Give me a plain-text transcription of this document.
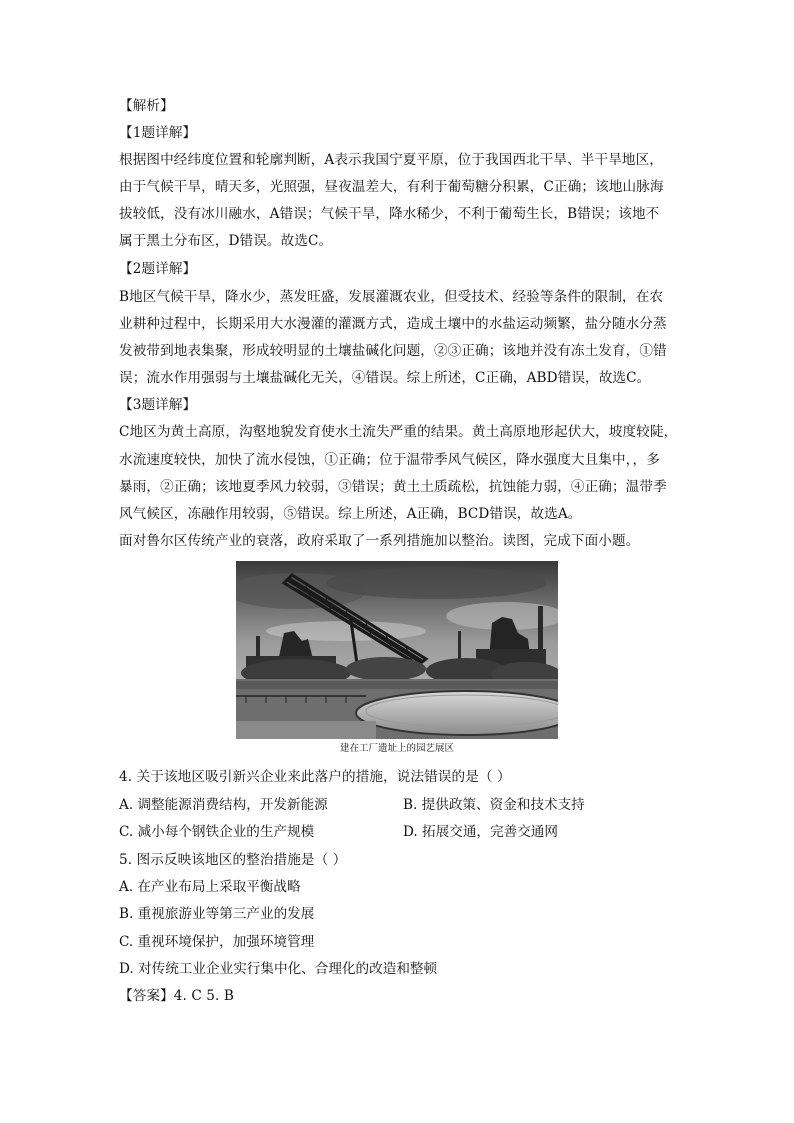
【解析】
【1题详解】
根据图中经纬度位置和轮廓判断，A表示我国宁夏平原，位于我国西北干旱、半干旱地区，
由于气候干旱，晴天多，光照强，昼夜温差大，有利于葡萄糖分积累，C正确；该地山脉海
拔较低，没有冰川融水，A错误；气候干旱，降水稀少，不利于葡萄生长，B错误；该地不
属于黑土分布区，D错误。故选C。
【2题详解】
B地区气候干旱，降水少，蒸发旺盛，发展灌溉农业，但受技术、经验等条件的限制，在农
业耕种过程中，长期采用大水漫灌的灌溉方式，造成土壤中的水盐运动频繁，盐分随水分蒸
发被带到地表集聚，形成较明显的土壤盐碱化问题，②③正确；该地并没有冻土发育，①错
误；流水作用强弱与土壤盐碱化无关，④错误。综上所述，C正确，ABD错误，故选C。
【3题详解】
C地区为黄土高原，沟壑地貌发育使水土流失严重的结果。黄土高原地形起伏大，坡度较陡，
水流速度较快，加快了流水侵蚀，①正确；位于温带季风气候区，降水强度大且集中，，多
暴雨，②正确；该地夏季风力较弱，③错误；黄土土质疏松，抗蚀能力弱，④正确；温带季
风气候区，冻融作用较弱，⑤错误。综上所述，A正确，BCD错误，故选A。
面对鲁尔区传统产业的衰落，政府采取了一系列措施加以整治。读图，完成下面小题。
建在工厂遗址上的园艺展区
4. 关于该地区吸引新兴企业来此落户的措施，说法错误的是（ ）
A. 调整能源消费结构，开发新能源	B. 提供政策、资金和技术支持
C. 减小每个钢铁企业的生产规模	D. 拓展交通，完善交通网
5. 图示反映该地区的整治措施是（ ）
A. 在产业布局上采取平衡战略
B. 重视旅游业等第三产业的发展
C. 重视环境保护，加强环境管理
D. 对传统工业企业实行集中化、合理化的改造和整顿
【答案】4. C 5. B
